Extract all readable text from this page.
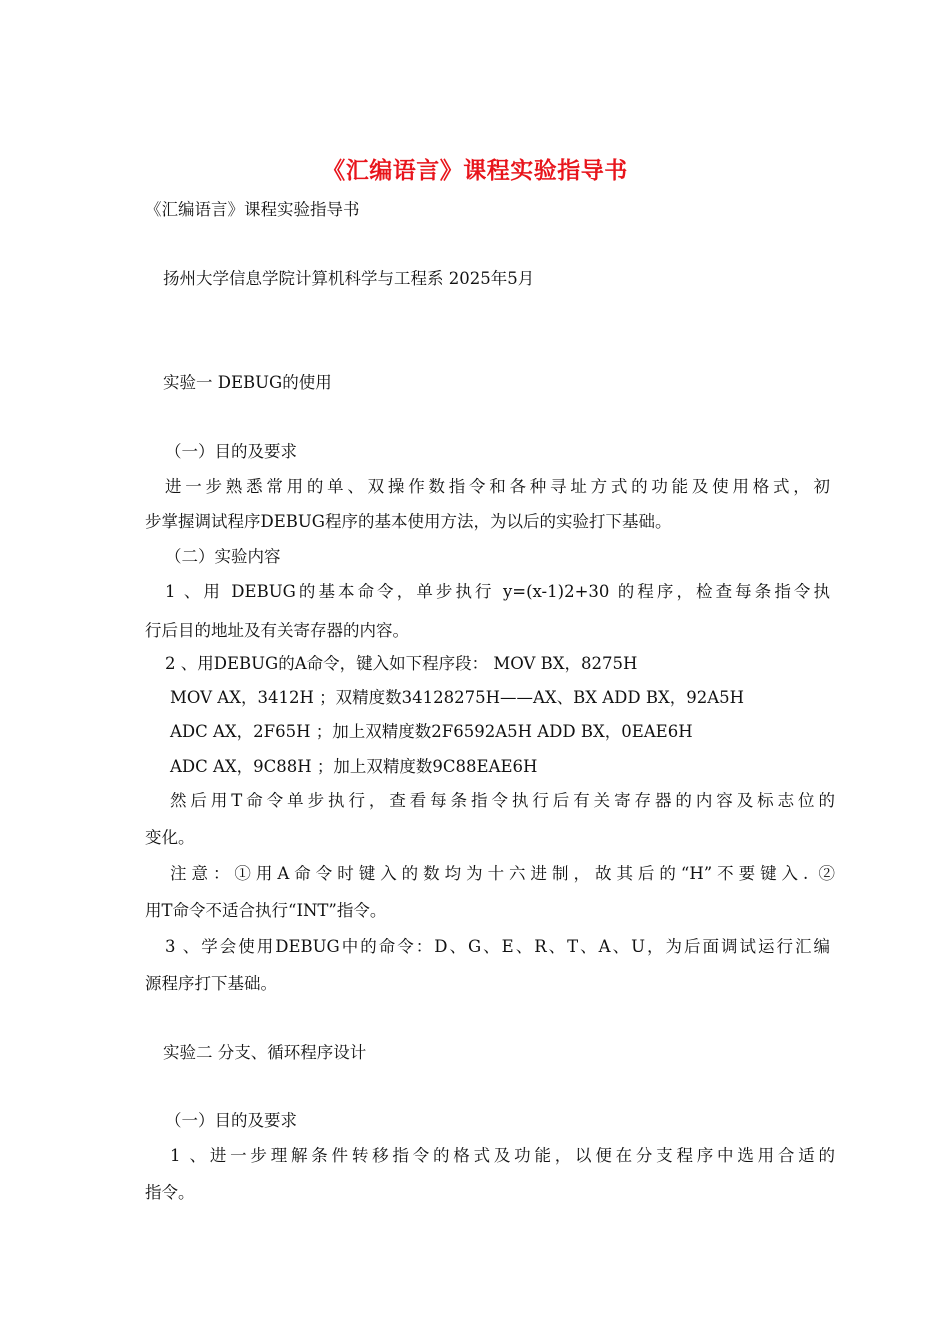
《汇编语言》课程实验指导书
《汇编语言》课程实验指导书
扬州大学信息学院计算机科学与工程系 2025年5月
实验一 DEBUG的使用
（一）目的及要求
进一步熟悉常用的单、双操作数指令和各种寻址方式的功能及使用格式，初
步掌握调试程序DEBUG程序的基本使用方法，为以后的实验打下基础。
（二）实验内容
1 、用 DEBUG的基本命令，单步执行 y=(x-1)2+30 的程序，检查每条指令执
行后目的地址及有关寄存器的内容。
2 、用DEBUG的A命令，键入如下程序段： MOV BX，8275H
MOV AX，3412H ；双精度数34128275H——AX、BX ADD BX，92A5H
ADC AX，2F65H ；加上双精度数2F6592A5H ADD BX，0EAE6H
ADC AX，9C88H ；加上双精度数9C88EAE6H
然后用T命令单步执行，查看每条指令执行后有关寄存器的内容及标志位的
变化。
注意：①用A命令时键入的数均为十六进制，故其后的“H”不要键入. ②
用T命令不适合执行“INT”指令。
3 、学会使用DEBUG中的命令：D、G、E、R、T、A、U，为后面调试运行汇编
源程序打下基础。
实验二 分支、循环程序设计
（一）目的及要求
1 、进一步理解条件转移指令的格式及功能，以便在分支程序中选用合适的
指令。
